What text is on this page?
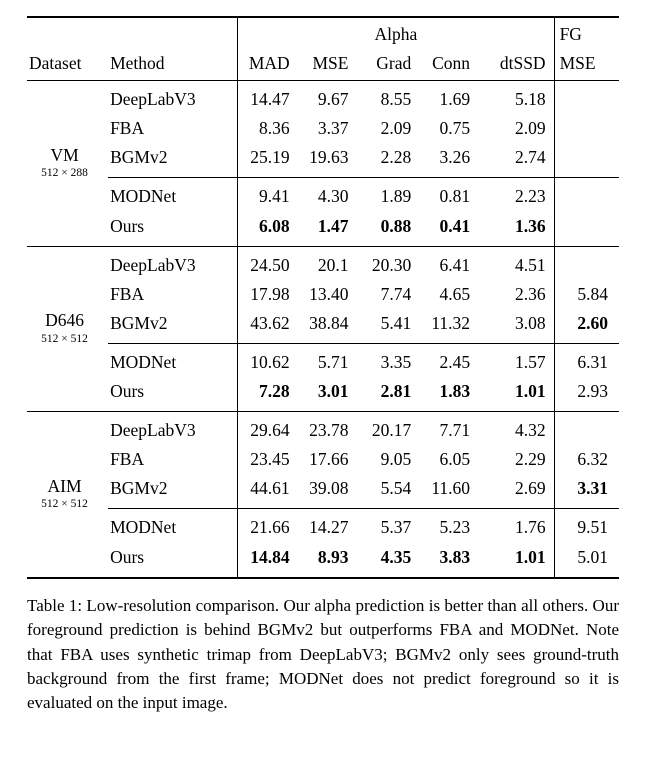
		Alpha					FG
Dataset	Method	MAD	MSE	Grad	Conn	dtSSD	MSE

VM
512 × 288	DeepLabV3	14.47	9.67	8.55	1.69	5.18	
	FBA	8.36	3.37	2.09	0.75	2.09	
	BGMv2	25.19	19.63	2.28	3.26	2.74	
	MODNet	9.41	4.30	1.89	0.81	2.23	
	Ours	6.08	1.47	0.88	0.41	1.36	

D646
512 × 512	DeepLabV3	24.50	20.1	20.30	6.41	4.51	
	FBA	17.98	13.40	7.74	4.65	2.36	5.84
	BGMv2	43.62	38.84	5.41	11.32	3.08	2.60
	MODNet	10.62	5.71	3.35	2.45	1.57	6.31
	Ours	7.28	3.01	2.81	1.83	1.01	2.93

AIM
512 × 512	DeepLabV3	29.64	23.78	20.17	7.71	4.32	
	FBA	23.45	17.66	9.05	6.05	2.29	6.32
	BGMv2	44.61	39.08	5.54	11.60	2.69	3.31
	MODNet	21.66	14.27	5.37	5.23	1.76	9.51
	Ours	14.84	8.93	4.35	3.83	1.01	5.01
Table 1: Low-resolution comparison. Our alpha prediction is better than all others. Our foreground prediction is behind BGMv2 but outperforms FBA and MODNet. Note that FBA uses synthetic trimap from DeepLabV3; BGMv2 only sees ground-truth background from the first frame; MODNet does not predict foreground so it is evaluated on the input image.
